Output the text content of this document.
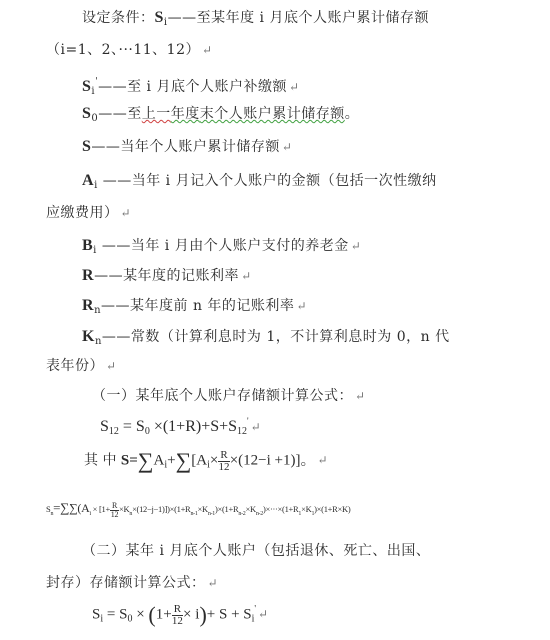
设定条件：$S_i——$至某年度 i 月底个人账户累计储存额
（i=1、2、···11、12） ↵
$S_i'——$至 i 月底个人账户补缴额 ↵
$S_0——$至上一年度末个人账户累计储存额。
S——当年个人账户累计储存额 ↵
$A_i$ ——当年 i 月记入个人账户的金额（包括一次性缴纳
应缴费用） ↵
$B_i$ ——当年 i 月由个人账户支付的养老金 ↵
R——某年度的记账利率 ↵
$R_n——$某年度前 n 年的记账利率 ↵
$K_n——$常数（计算利息时为 1，不计算利息时为 0，n 代
表年份） ↵
（一）某年底个人账户存储额计算公式： ↵
$S_{12} = S_0 \times(1+R)+S+S_{12}'$ ↵
其 中 $S=\sum A_i+\sum[A_i\times \frac{R}{12} \times(12-i +1)]$。 ↵
$S_n=\sum\sum(A_i \times [1+ \frac{R}{12} \times K_n\times(12-j-1)])\times(1+R_{n-1}\times K_{n-1})\times(1+R_{n-2}\times K_{n-2})\times\cdot\cdot\cdot\times(1+R_1\times K_1)\times(1+R\times K)$
（二）某年 i 月底个人账户（包括退休、死亡、出国、
封存）存储额计算公式： ↵
$S_i = S_0 \times (1+ \frac{R}{12} \times i)+ S + S_i'$ ↵
